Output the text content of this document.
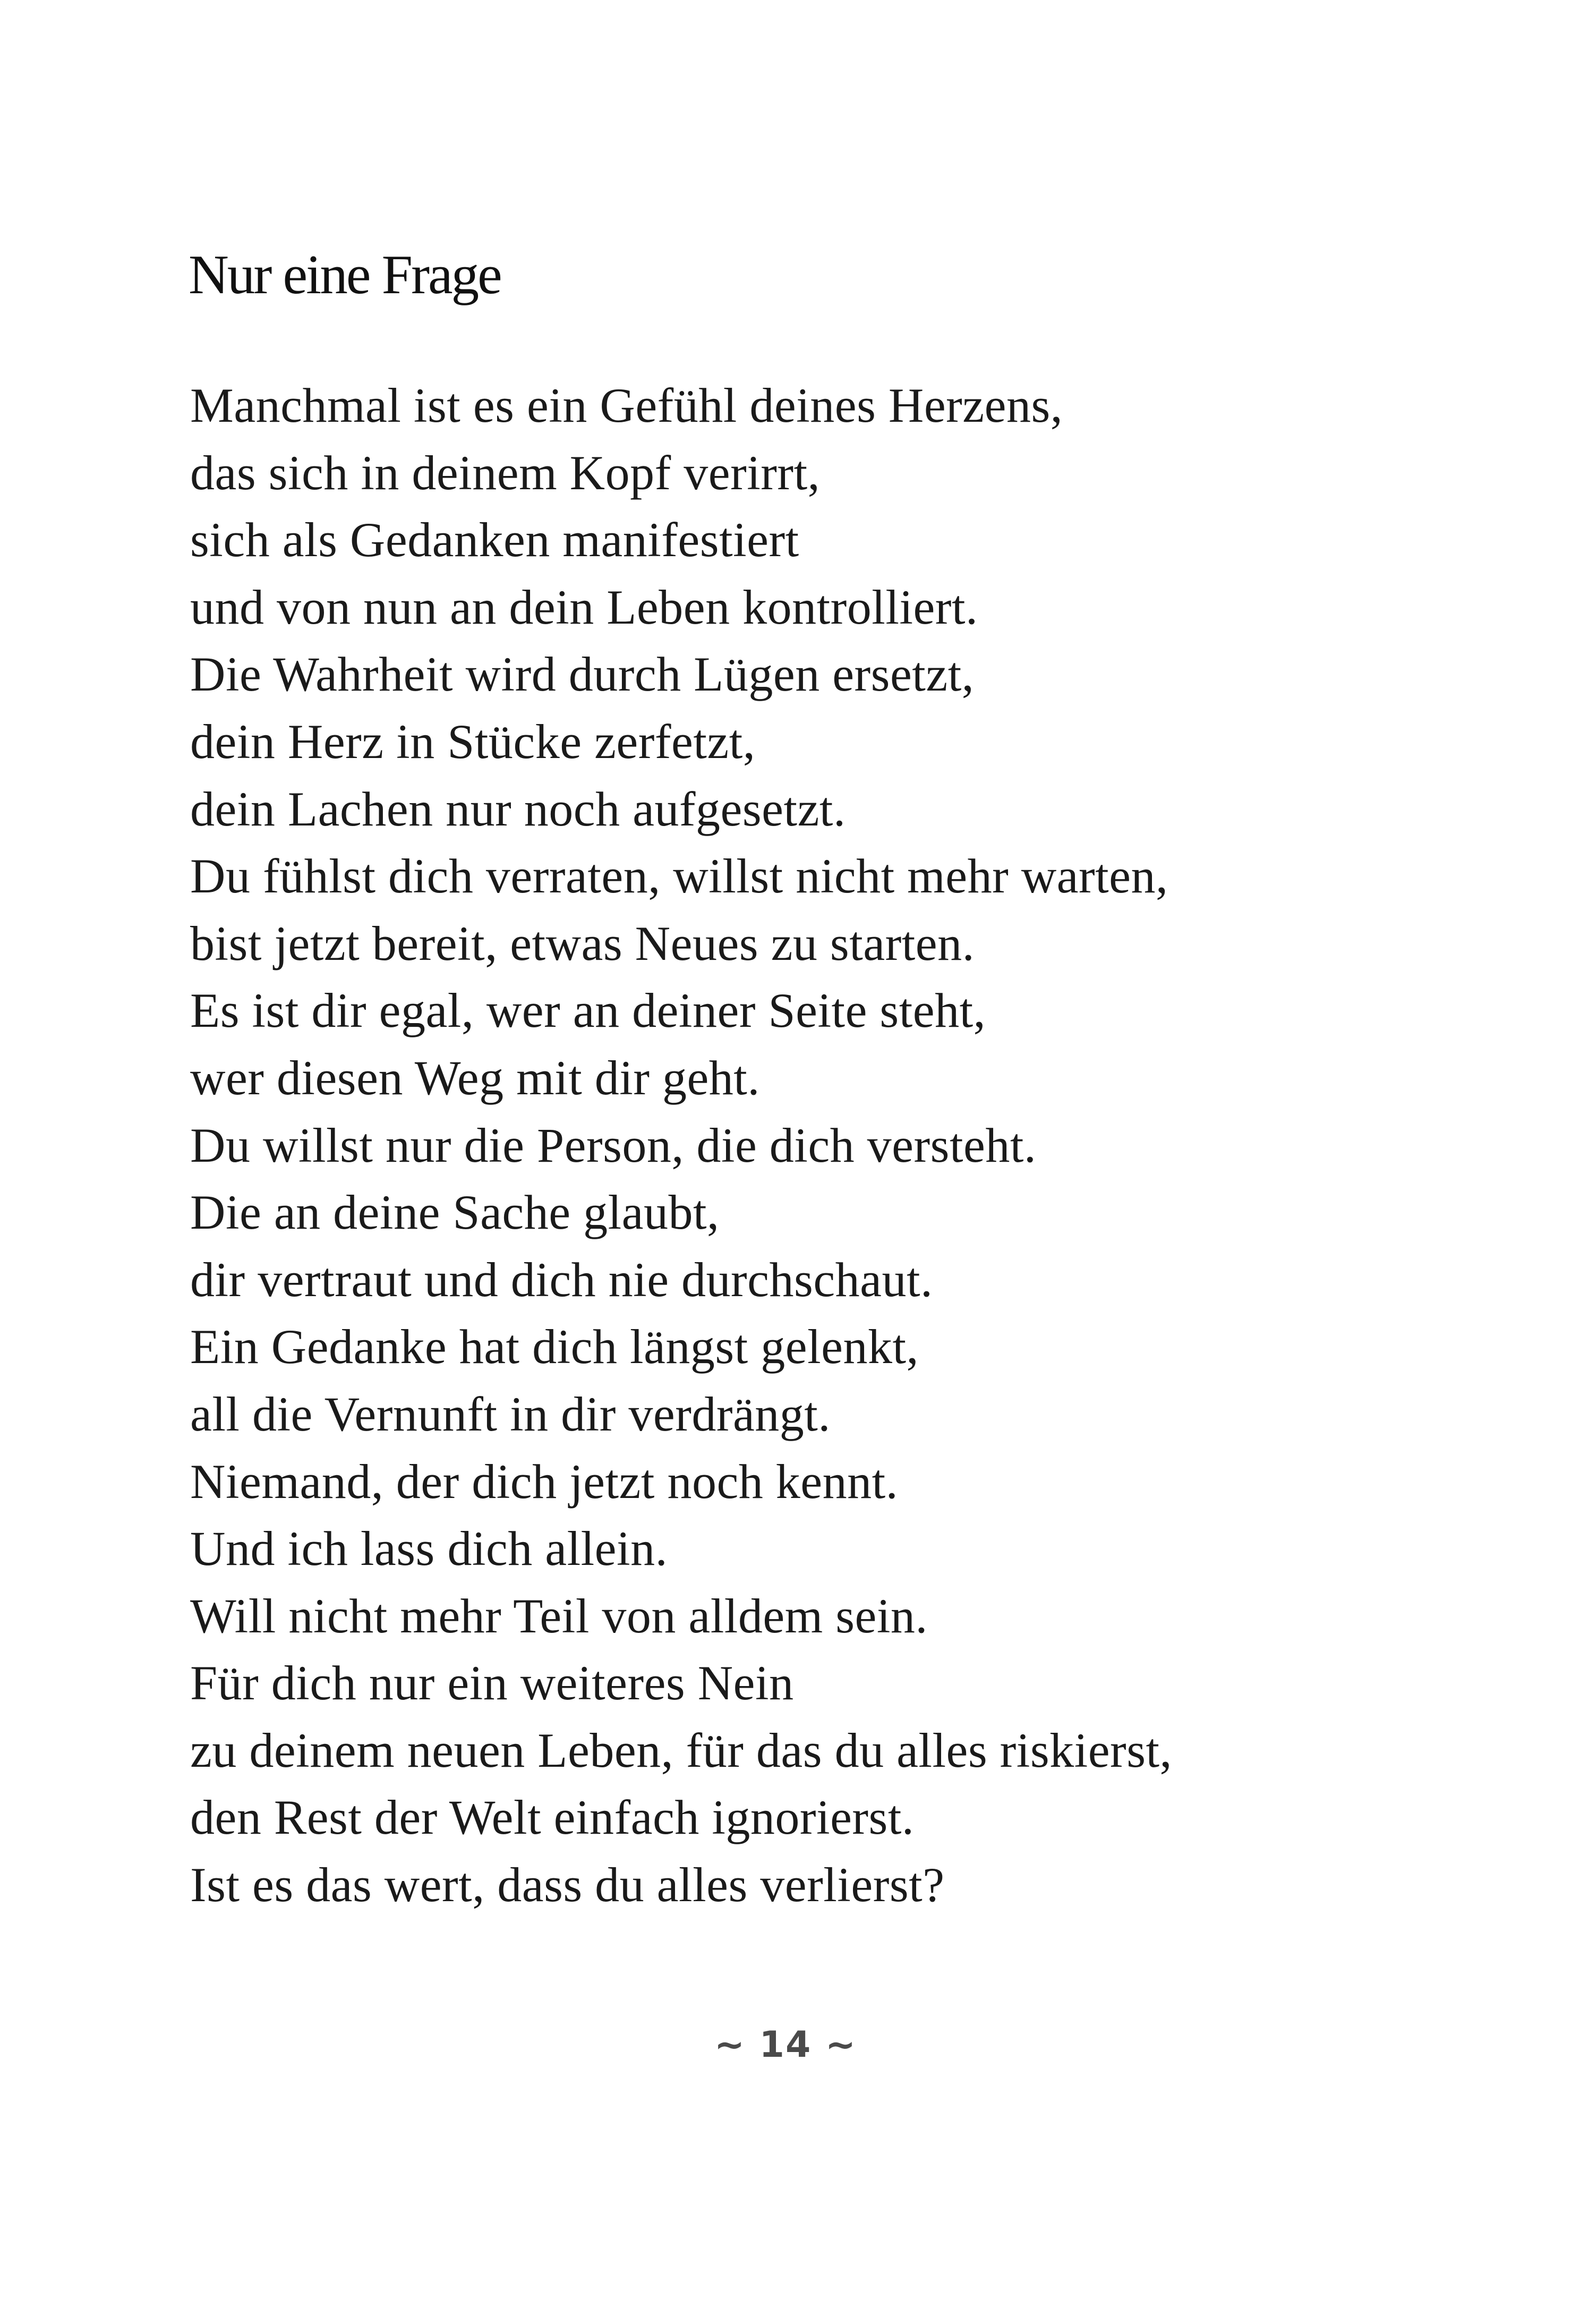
Nur eine Frage
Manchmal ist es ein Gefühl deines Herzens,
das sich in deinem Kopf verirrt,
sich als Gedanken manifestiert
und von nun an dein Leben kontrolliert.
Die Wahrheit wird durch Lügen ersetzt,
dein Herz in Stücke zerfetzt,
dein Lachen nur noch aufgesetzt.
Du fühlst dich verraten, willst nicht mehr warten,
bist jetzt bereit, etwas Neues zu starten.
Es ist dir egal, wer an deiner Seite steht,
wer diesen Weg mit dir geht.
Du willst nur die Person, die dich versteht.
Die an deine Sache glaubt,
dir vertraut und dich nie durchschaut.
Ein Gedanke hat dich längst gelenkt,
all die Vernunft in dir verdrängt.
Niemand, der dich jetzt noch kennt.
Und ich lass dich allein.
Will nicht mehr Teil von alldem sein.
Für dich nur ein weiteres Nein
zu deinem neuen Leben, für das du alles riskierst,
den Rest der Welt einfach ignorierst.
Ist es das wert, dass du alles verlierst?
~ 14 ~
